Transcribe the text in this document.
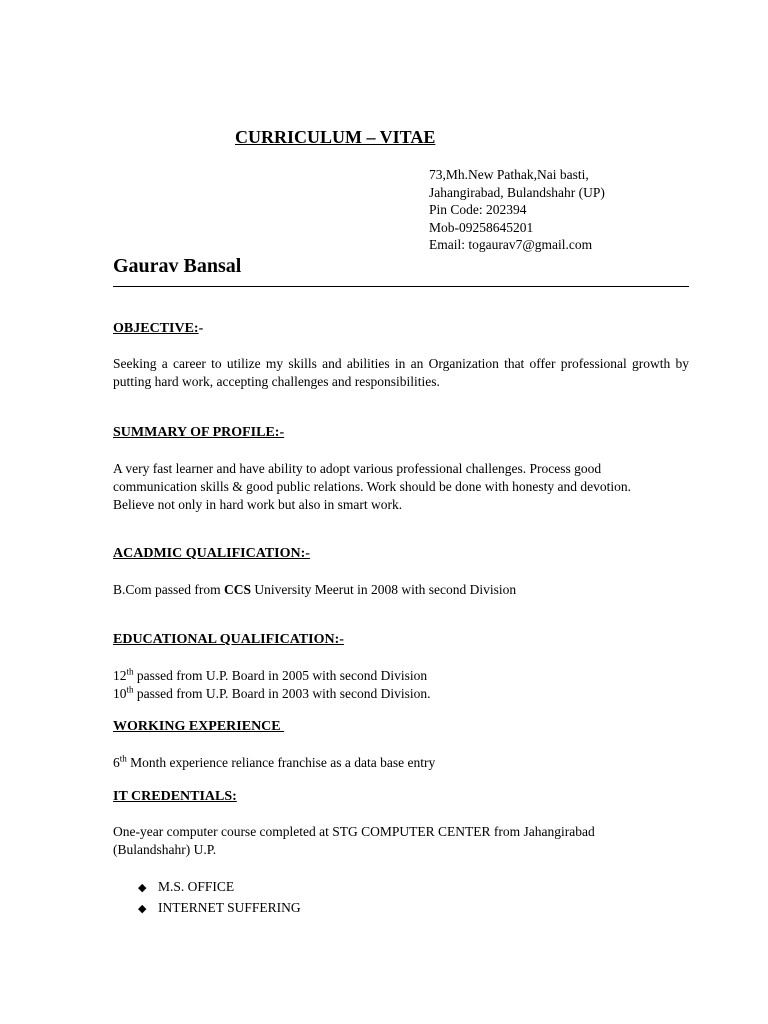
CURRICULUM – VITAE
73,Mh.New Pathak,Nai basti,
Jahangirabad, Bulandshahr (UP)
Pin Code: 202394
Mob-09258645201
Email: togaurav7@gmail.com
Gaurav Bansal
OBJECTIVE:-
Seeking a career to utilize my skills and abilities in an Organization that offer professional growth by putting hard work, accepting challenges and responsibilities.
SUMMARY OF PROFILE:-
A very fast learner and have ability to adopt various professional challenges. Process good
communication skills & good public relations. Work should be done with honesty and devotion.
Believe not only in hard work but also in smart work.
ACADMIC QUALIFICATION:-
B.Com passed from CCS University Meerut in 2008 with second Division
EDUCATIONAL QUALIFICATION:-
12th passed from U.P. Board in 2005 with second Division
10th passed from U.P. Board in 2003 with second Division.
WORKING EXPERIENCE
6th Month experience reliance franchise as a data base entry
IT CREDENTIALS:
One-year computer course completed at STG COMPUTER CENTER from Jahangirabad
(Bulandshahr) U.P.
◆ M.S. OFFICE
◆ INTERNET SUFFERING
